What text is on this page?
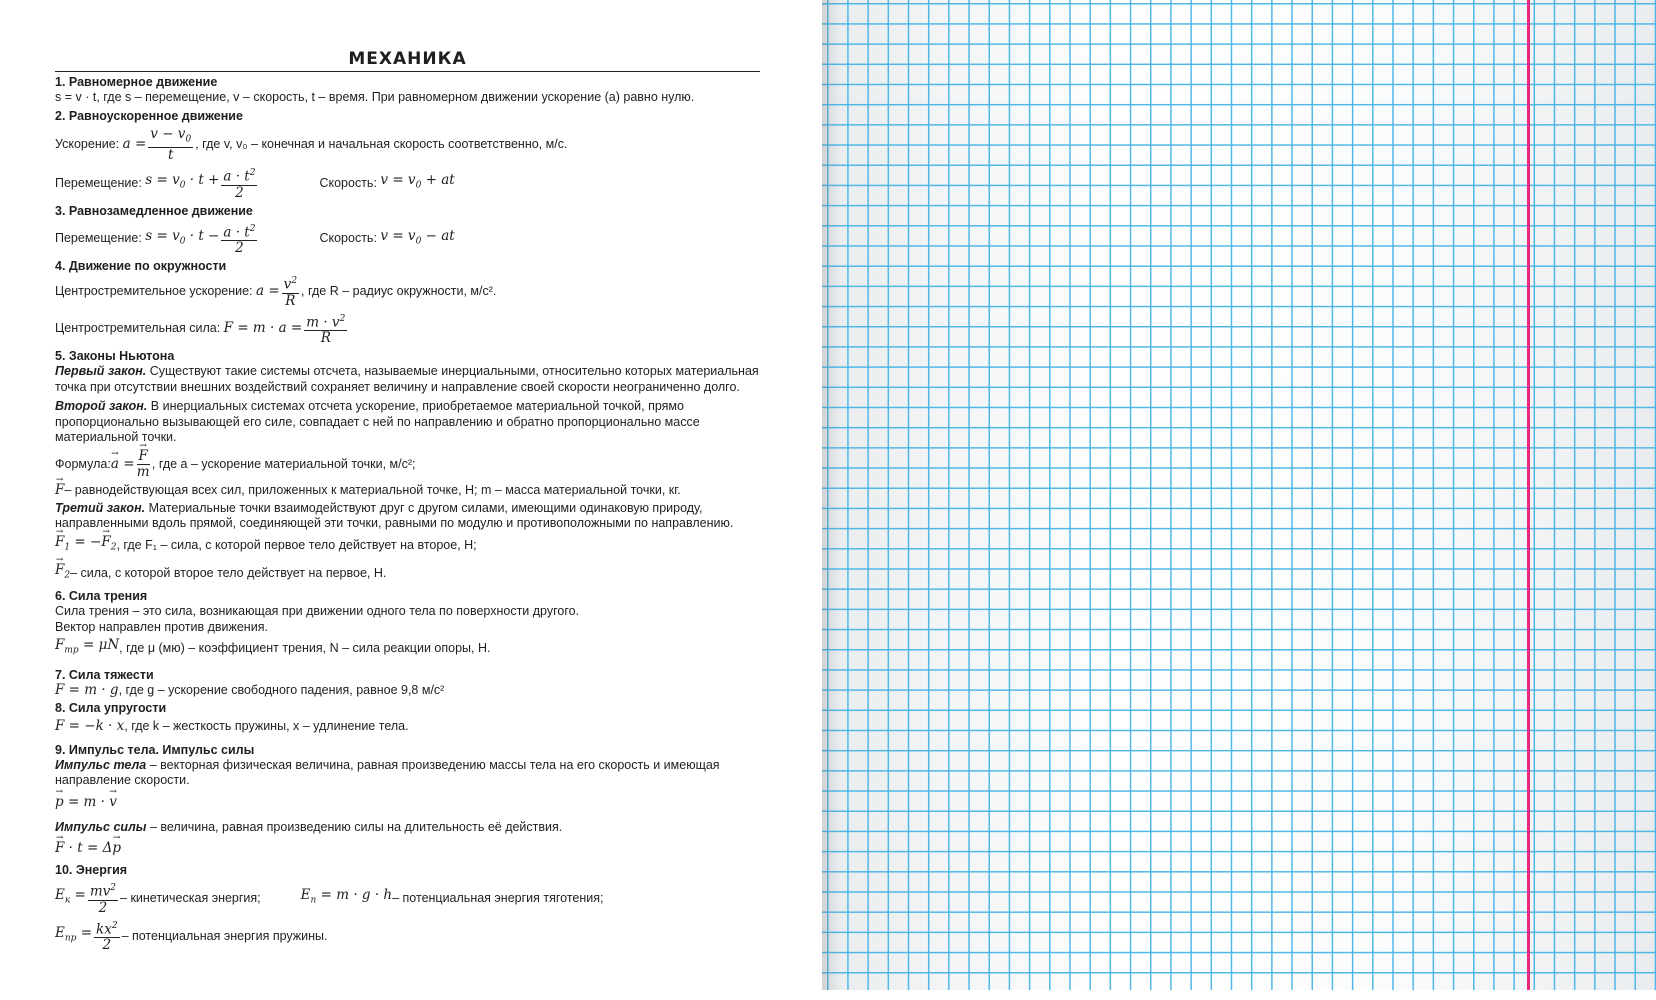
МЕХАНИКА
1. Равномерное движение
s = v · t, где s – перемещение, v – скорость, t – время. При равномерном движении ускорение (a) равно нулю.
2. Равноускоренное движение
Ускорение:
$a = \frac{v - v_0}{t}$ , где v, v₀ – конечная и начальная скорость соответственно, м/с.
Перемещение:
$s = v_0 \cdot t + \frac{a \cdot t^2}{2}$	Скорость:
$v = v_0$ + at
3. Равнозамедленное движение
Перемещение:
$s = v_0 \cdot t - \frac{a \cdot t^2}{2}$	Скорость:
$v = v_0$ − at
4. Движение по окружности
Центростремительное ускорение:
$a = \frac{v^2}{R}$ , где R – радиус окружности, м/с².
Центростремительная сила:
$F = m \cdot a = \frac{m \cdot v^2}{R}$
5. Законы Ньютона
Первый закон. Существуют такие системы отсчета, называемые инерциальными, относительно которых материальная точка при отсутствии внешних воздействий сохраняет величину и направление своей скорости неограниченно долго.
Второй закон. В инерциальных системах отсчета ускорение, приобретаемое материальной точкой, прямо пропорционально вызывающей его силе, совпадает с ней по направлению и обратно пропорционально массе материальной точки.
Формула: → a = → $\frac{F}{m}$ , где a – ускорение материальной точки, м/с²;
→ F – равнодействующая всех сил, приложенных к материальной точке, Н; m – масса материальной точки, кг.
Третий закон. Материальные точки взаимодействуют друг с другом силами, имеющими одинаковую природу, направленными вдоль прямой, соединяющей эти точки, равными по модулю и противоположными по направлению.
→ $F_1$ = −→ $F_2$ , где F₁ – сила, с которой первое тело действует на второе, Н;
→ $F_2$ – сила, с которой второе тело действует на первое, Н.
6. Сила трения
Сила трения – это сила, возникающая при движении одного тела по поверхности другого.
Вектор направлен против движения.
$F_{тр} = \mu N$ , где μ (мю) – коэффициент трения, N – сила реакции опоры, Н.
7. Сила тяжести
F = m · g , где g – ускорение свободного падения, равное 9,8 м/с²
8. Сила упругости
F = −k · x , где k – жесткость пружины, x – удлинение тела.
9. Импульс тела. Импульс силы
Импульс тела – векторная физическая величина, равная произведению массы тела на его скорость и имеющая направление скорости.
→ p = m · → v
Импульс силы – величина, равная произведению силы на длительность её действия.
→ F · t = Δ→ p
10. Энергия
$E_к = \frac{mv^2}{2}$ – кинетическая энергия;	$E_п = m \cdot g \cdot h$ – потенциальная энергия тяготения;
$E_{пр} = \frac{kx^2}{2}$ – потенциальная энергия пружины.
